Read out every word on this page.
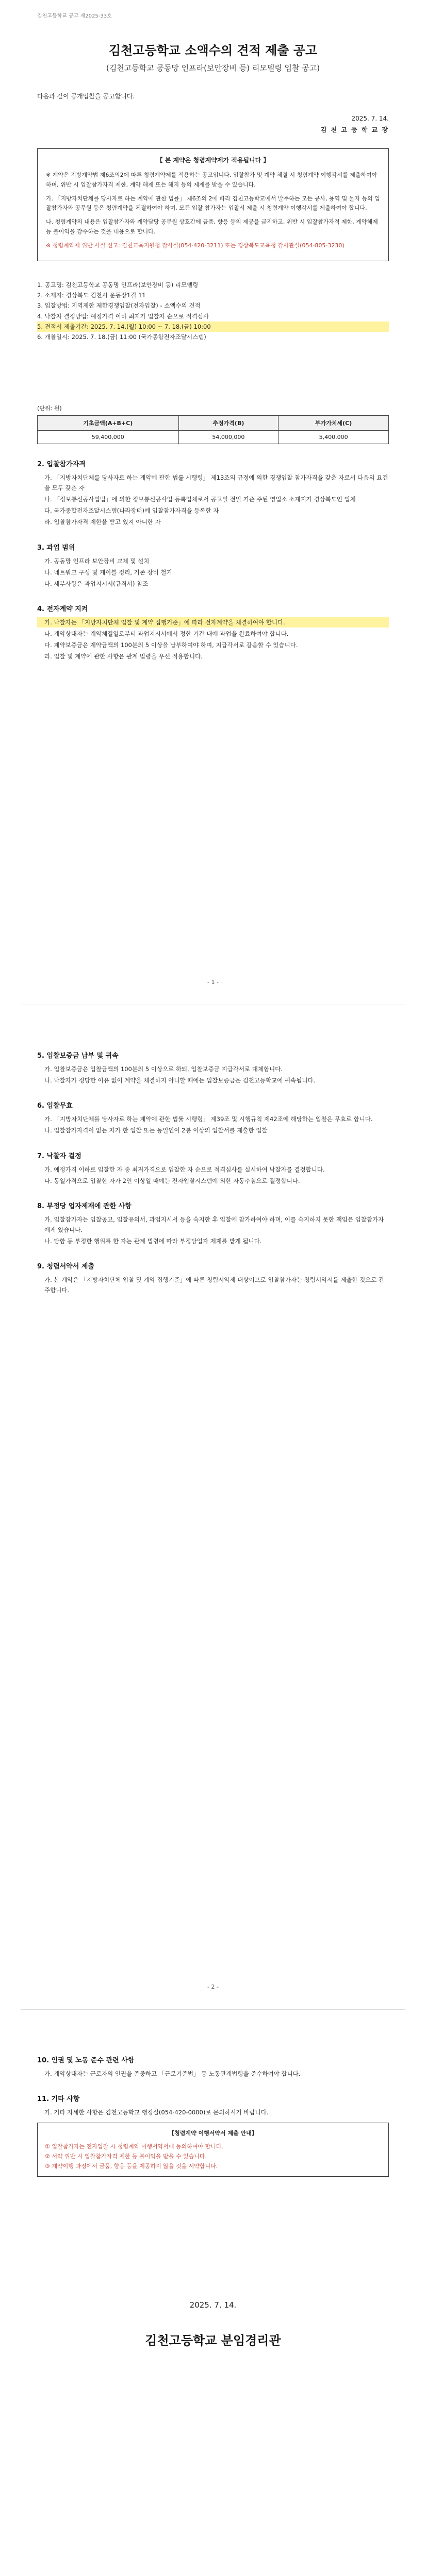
김천고등학교 공고 제2025-33호
김천고등학교 소액수의 견적 제출 공고

(김천고등학교 공동망 인프라(보안장비 등) 리모델링 입찰 공고)

다음과 같이 공개입찰을 공고합니다.
2025. 7. 14.
김 천 고 등 학 교 장
【 본 계약은 청렴계약제가 적용됩니다 】

※ 계약은 지방계약법 제6조의2에 따른 청렴계약제를 적용하는 공고입니다. 입찰참가 및 계약 체결 시 청렴계약 이행각서를 제출하여야 하며, 위반 시 입찰참가자격 제한, 계약 해제 또는 해지 등의 제재를 받을 수 있습니다.

가. 「지방자치단체를 당사자로 하는 계약에 관한 법률」 제6조의 2에 따라 김천고등학교에서 발주하는 모든 공사, 용역 및 물자 등의 입찰참가자와 공무원 등은 청렴계약을 체결하여야 하며, 모든 입찰 참가자는 입찰서 제출 시 청렴계약 이행각서를 제출하여야 합니다.

나. 청렴계약의 내용은 입찰참가자와 계약담당 공무원 상호간에 금품, 향응 등의 제공을 금지하고, 위반 시 입찰참가자격 제한, 계약해제 등 불이익을 감수하는 것을 내용으로 합니다.

※ 청렴계약제 위반 사실 신고: 김천교육지원청 감사실(054-420-3211) 또는 경상북도교육청 감사관실(054-805-3230)

1. 공고명: 김천고등학교 공동망 인프라(보안장비 등) 리모델링

2. 소재지: 경상북도 김천시 운동장1길 11

3. 입찰방법: 지역제한 제한경쟁입찰(전자입찰) - 소액수의 견적

4. 낙찰자 결정방법: 예정가격 이하 최저가 입찰자 순으로 적격심사

5. 견적서 제출기간: 2025. 7. 14.(월) 10:00 ~ 7. 18.(금) 10:00

6. 개찰일시: 2025. 7. 18.(금) 11:00 (국가종합전자조달시스템)

(단위: 원)
기초금액(A+B+C)	추정가격(B)	부가가치세(C)
59,400,000	54,000,000	5,400,000
2. 입찰참가자격

가. 「지방자치단체를 당사자로 하는 계약에 관한 법률 시행령」 제13조의 규정에 의한 경쟁입찰 참가자격을 갖춘 자로서 다음의 요건을 모두 갖춘 자

나. 「정보통신공사업법」에 의한 정보통신공사업 등록업체로서 공고일 전일 기준 주된 영업소 소재지가 경상북도인 업체

다. 국가종합전자조달시스템(나라장터)에 입찰참가자격을 등록한 자

라. 입찰참가자격 제한을 받고 있지 아니한 자

3. 과업 범위

가. 공동망 인프라 보안장비 교체 및 설치

나. 네트워크 구성 및 케이블 정리, 기존 장비 철거

다. 세부사항은 과업지시서(규격서) 참조

4. 전자계약 지켜

가. 낙찰자는 「지방자치단체 입찰 및 계약 집행기준」에 따라 전자계약을 체결하여야 합니다.

나. 계약상대자는 계약체결일로부터 과업지시서에서 정한 기간 내에 과업을 완료하여야 합니다.

다. 계약보증금은 계약금액의 100분의 5 이상을 납부하여야 하며, 지급각서로 갈음할 수 있습니다.

라. 입찰 및 계약에 관한 사항은 관계 법령을 우선 적용합니다.

- 1 -
5. 입찰보증금 납부 및 귀속

가. 입찰보증금은 입찰금액의 100분의 5 이상으로 하되, 입찰보증금 지급각서로 대체합니다.

나. 낙찰자가 정당한 이유 없이 계약을 체결하지 아니할 때에는 입찰보증금은 김천고등학교에 귀속됩니다.

6. 입찰무효

가. 「지방자치단체를 당사자로 하는 계약에 관한 법률 시행령」 제39조 및 시행규칙 제42조에 해당하는 입찰은 무효로 합니다.

나. 입찰참가자격이 없는 자가 한 입찰 또는 동일인이 2통 이상의 입찰서를 제출한 입찰

7. 낙찰자 결정

가. 예정가격 이하로 입찰한 자 중 최저가격으로 입찰한 자 순으로 적격심사를 실시하여 낙찰자를 결정합니다.

나. 동일가격으로 입찰한 자가 2인 이상일 때에는 전자입찰시스템에 의한 자동추첨으로 결정합니다.

8. 부정당 업자제재에 관한 사항

가. 입찰참가자는 입찰공고, 입찰유의서, 과업지시서 등을 숙지한 후 입찰에 참가하여야 하며, 이를 숙지하지 못한 책임은 입찰참가자에게 있습니다.

나. 담합 등 부정한 행위를 한 자는 관계 법령에 따라 부정당업자 제재를 받게 됩니다.

9. 청렴서약서 제출

가. 본 계약은 「지방자치단체 입찰 및 계약 집행기준」에 따른 청렴서약제 대상이므로 입찰참가자는 청렴서약서를 제출한 것으로 간주합니다.

- 2 -
10. 인권 및 노동 준수 관련 사항

가. 계약상대자는 근로자의 인권을 존중하고 「근로기준법」 등 노동관계법령을 준수하여야 합니다.

11. 기타 사항

가. 기타 자세한 사항은 김천고등학교 행정실(054-420-0000)로 문의하시기 바랍니다.

【청렴계약 이행서약서 제출 안내】

① 입찰참가자는 전자입찰 시 청렴계약 이행서약서에 동의하여야 합니다.

② 서약 위반 시 입찰참가자격 제한 등 불이익을 받을 수 있습니다.

③ 계약이행 과정에서 금품, 향응 등을 제공하지 않을 것을 서약합니다.

2025. 7. 14.
김천고등학교 분임경리관
